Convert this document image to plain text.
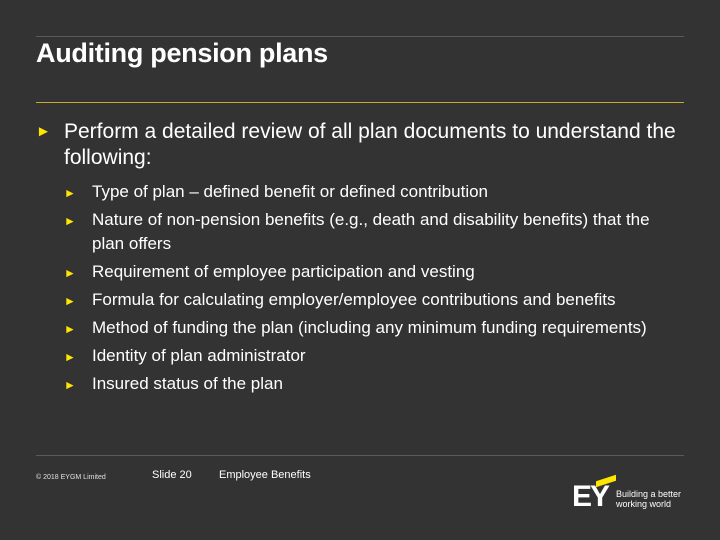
Auditing pension plans
► Perform a detailed review of all plan documents to understand the following:
► Type of plan – defined benefit or defined contribution
► Nature of non-pension benefits (e.g., death and disability benefits) that the plan offers
► Requirement of employee participation and vesting
► Formula for calculating employer/employee contributions and benefits
► Method of funding the plan (including any minimum funding requirements)
► Identity of plan administrator
► Insured status of the plan
© 2018 EYGM Limited	Slide 20 Employee Benefits
EY Building a better
working world
